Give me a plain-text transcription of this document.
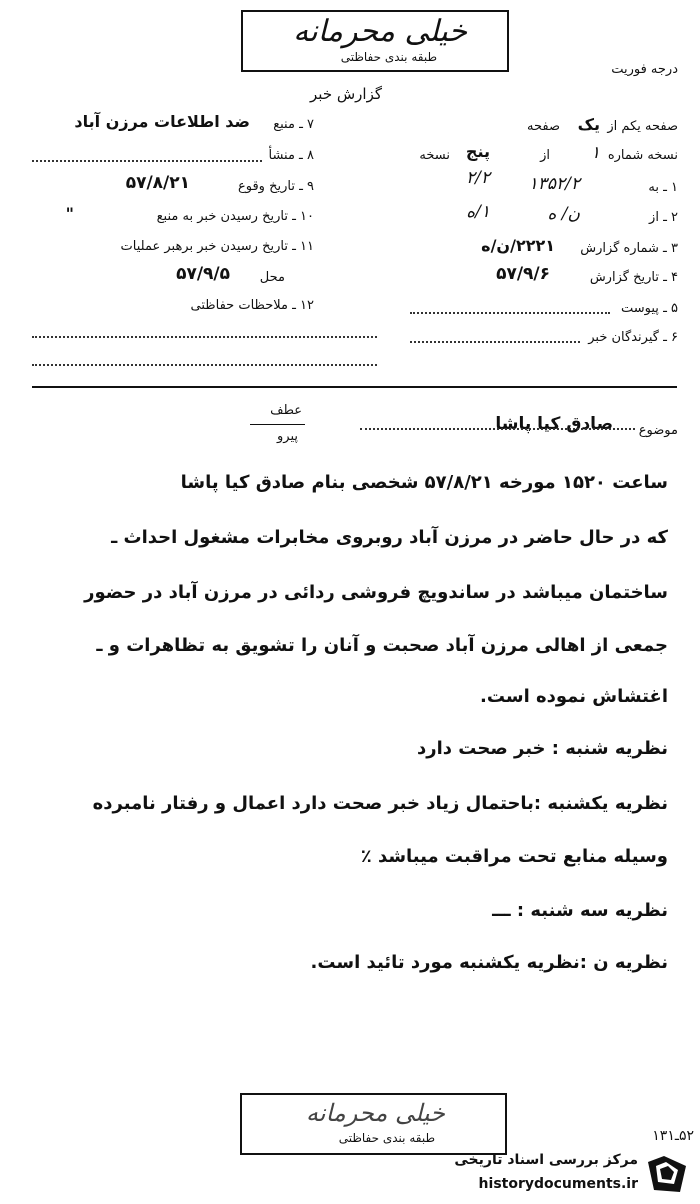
خیلی محرمانه
طبقه بندی حفاظتی
درجه فوریت
گزارش خبر
۷ ـ منبع
ضد اطلاعات مرزن آباد
۸ ـ منشأ
۹ ـ تاریخ وقوع
۵۷/۸/۲۱
۱۰ ـ تاریخ رسیدن خبر به منبع
"
۱۱ ـ تاریخ رسیدن خبر برهبر عملیات
محل
۵۷/۹/۵
۱۲ ـ ملاحظات حفاظتی
صفحه یکم از
یک
صفحه
نسخه شماره
۱
از
پنج
نسخه
۱ ـ به
۱۳۵۲/۲
۲/۲
۲ ـ از
ن/ ه
۱/ه
۳ ـ شماره گزارش
۲۲۲۱/ن/ه
۴ ـ تاریخ گزارش
۵۷/۹/۶
۵ ـ پیوست
۶ ـ گیرندگان خبر
موضوع
صادق کیا پاشا
عطف
پیرو
ساعت ۱۵۲۰ مورخه ۵۷/۸/۲۱ شخصی بنام صادق کیا پاشا
که در حال حاضر در مرزن آباد روبروی مخابرات مشغول احداث ـ
ساختمان میباشد در ساندویچ فروشی ردائی در مرزن آباد در حضور
جمعی از اهالی مرزن آباد صحبت و آنان را تشویق به تظاهرات و ـ
اغتشاش نموده است.
نظریه شنبه : خبر صحت دارد
نظریه یکشنبه :باحتمال زیاد خبر صحت دارد اعمال و رفتار نامبرده
وسیله منابع تحت مراقبت میباشد ٪
نظریه سه شنبه : ـــ
نظریه ن :نظریه یکشنبه مورد تائید است.
خیلی محرمانه
طبقه بندی حفاظتی	۵۲ـ۱۳۱
مرکز بررسی اسناد تاریخی
historydocuments.ir
